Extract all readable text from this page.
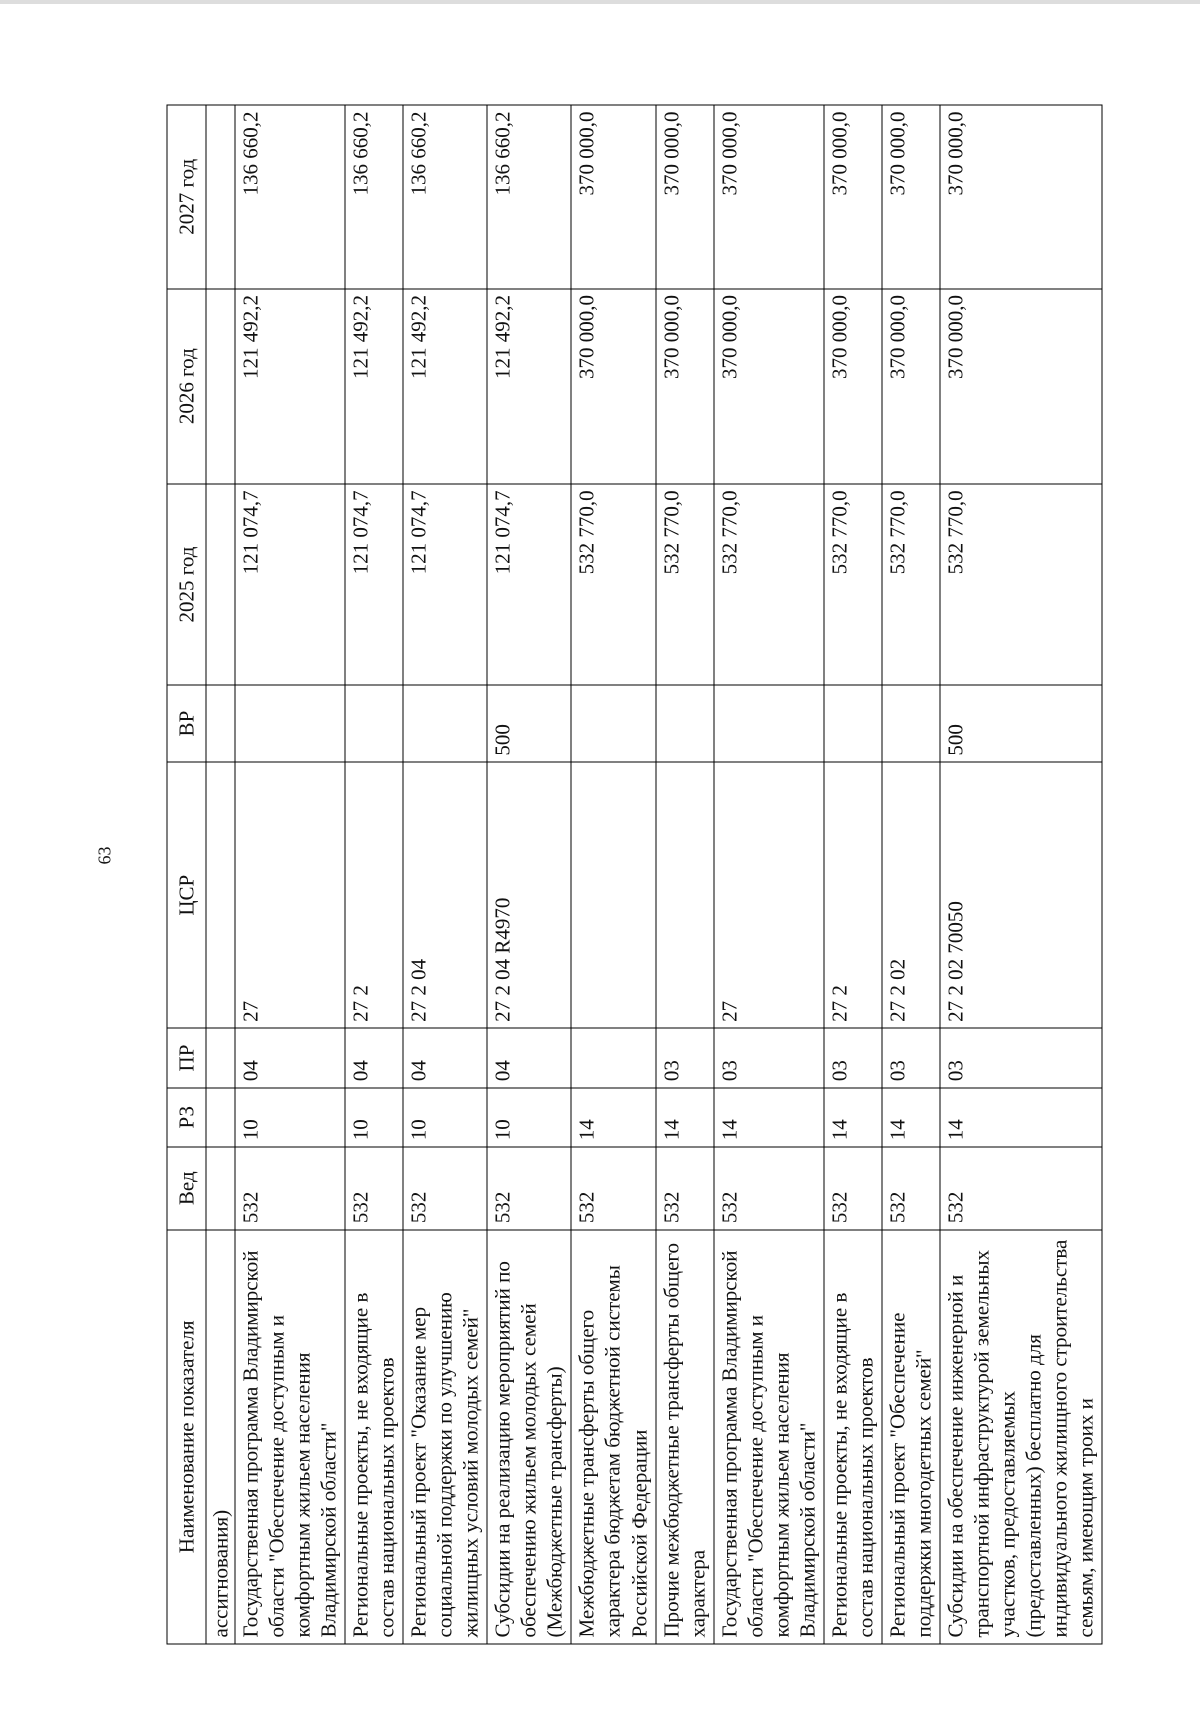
63
Наименование показателя	Вед	РЗ	ПР	ЦСР	ВР	2025 год	2026 год	2027 год
ассигнования)								
Государственная программа Владимирской области "Обеспечение доступным и комфортным жильем населения Владимирской области"	532	10	04	27		121 074,7	121 492,2	136 660,2
Региональные проекты, не входящие в состав национальных проектов	532	10	04	27 2		121 074,7	121 492,2	136 660,2
Региональный проект "Оказание мер социальной поддержки по улучшению жилищных условий молодых семей"	532	10	04	27 2 04		121 074,7	121 492,2	136 660,2
Субсидии на реализацию мероприятий по обеспечению жильем молодых семей (Межбюджетные трансферты)	532	10	04	27 2 04 R4970	500	121 074,7	121 492,2	136 660,2
Межбюджетные трансферты общего характера бюджетам бюджетной системы Российской Федерации	532	14				532 770,0	370 000,0	370 000,0
Прочие межбюджетные трансферты общего характера	532	14	03			532 770,0	370 000,0	370 000,0
Государственная программа Владимирской области "Обеспечение доступным и комфортным жильем населения Владимирской области"	532	14	03	27		532 770,0	370 000,0	370 000,0
Региональные проекты, не входящие в состав национальных проектов	532	14	03	27 2		532 770,0	370 000,0	370 000,0
Региональный проект "Обеспечение поддержки многодетных семей"	532	14	03	27 2 02		532 770,0	370 000,0	370 000,0
Субсидии на обеспечение инженерной и транспортной инфраструктурой земельных участков, предоставляемых (предоставленных) бесплатно для индивидуального жилищного строительства семьям, имеющим троих и	532	14	03	27 2 02 70050	500	532 770,0	370 000,0	370 000,0
